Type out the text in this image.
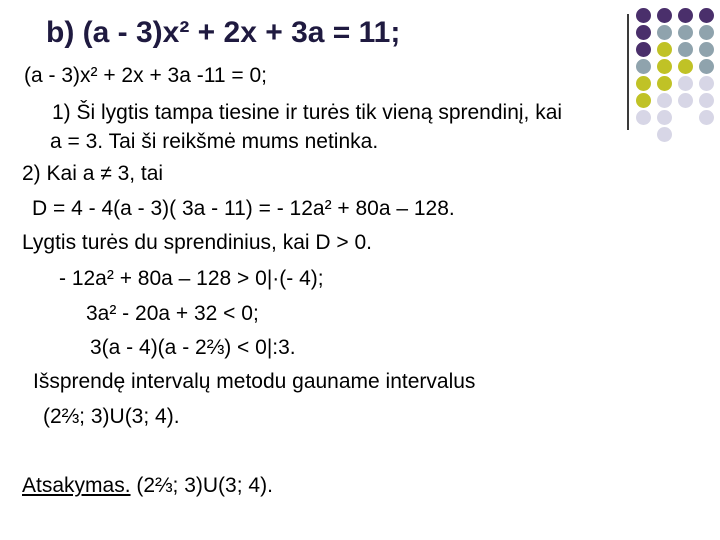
b) (a - 3)x² + 2x + 3a = 11;
(a - 3)x² + 2x + 3a -11 = 0;
1) Ši lygtis tampa tiesine ir turės tik vieną sprendinį, kai
a = 3. Tai ši reikšmė mums netinka.
2) Kai a ≠ 3, tai
D = 4 - 4(a - 3)( 3a - 11) = - 12a² + 80a – 128.
Lygtis turės du sprendinius, kai D > 0.
- 12a² + 80a – 128 > 0|·(- 4);
3a² - 20a + 32 < 0;
3(a - 4)(a - 2⅔) < 0|:3.
Išsprendę intervalų metodu gauname intervalus
(2⅔; 3)U(3; 4).
Atsakymas. (2⅔; 3)U(3; 4).
